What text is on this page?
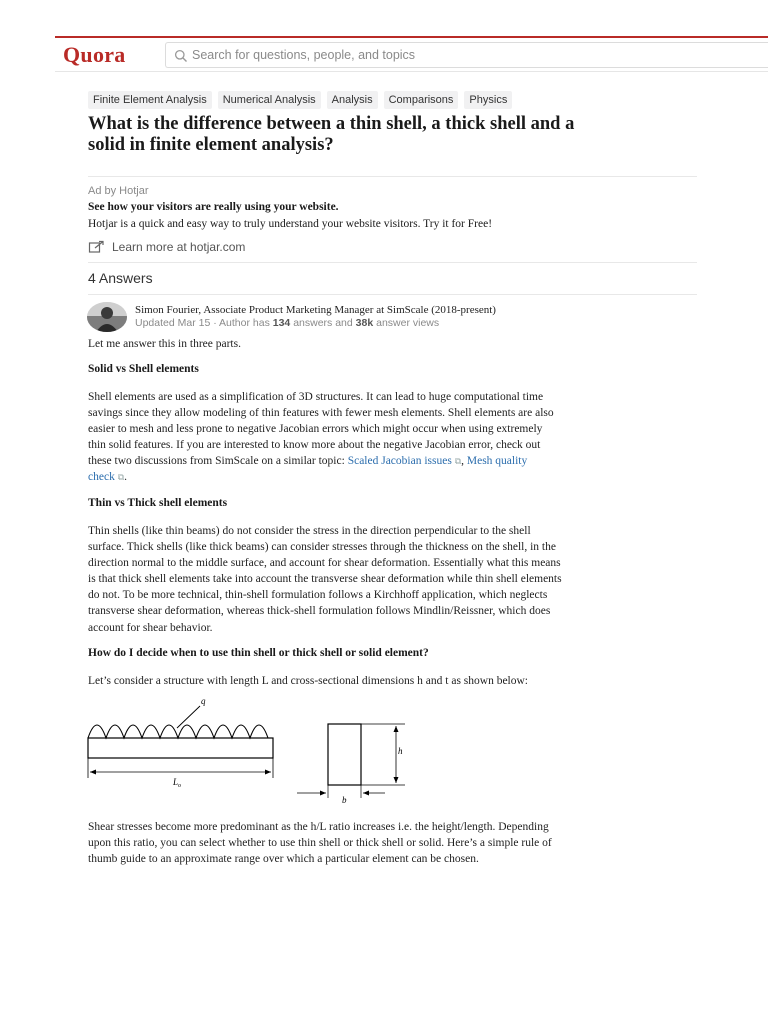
Quora
Search for questions, people, and topics
Finite Element Analysis	Numerical Analysis	Analysis	Comparisons	Physics
What is the difference between a thin shell, a thick shell and a
solid in finite element analysis?
Ad by Hotjar
See how your visitors are really using your website.
Hotjar is a quick and easy way to truly understand your website visitors. Try it for Free!
Learn more at hotjar.com
4 Answers
Simon Fourier, Associate Product Marketing Manager at SimScale (2018-present)
Updated Mar 15 · Author has 134 answers and 38k answer views
Let me answer this in three parts.
Solid vs Shell elements
Shell elements are used as a simplification of 3D structures. It can lead to huge computational time
savings since they allow modeling of thin features with fewer mesh elements. Shell elements are also
easier to mesh and less prone to negative Jacobian errors which might occur when using extremely
thin solid features. If you are interested to know more about the negative Jacobian error, check out
these two discussions from SimScale on a similar topic: Scaled Jacobian issues ⧉, Mesh quality
check ⧉.
Thin vs Thick shell elements
Thin shells (like thin beams) do not consider the stress in the direction perpendicular to the shell
surface. Thick shells (like thick beams) can consider stresses through the thickness on the shell, in the
direction normal to the middle surface, and account for shear deformation. Essentially what this means
is that thick shell elements take into account the transverse shear deformation while thin shell elements
do not. To be more technical, thin-shell formulation follows a Kirchhoff application, which neglects
transverse shear deformation, whereas thick-shell formulation follows Mindlin/Reissner, which does
account for shear behavior.
How do I decide when to use thin shell or thick shell or solid element?
Let’s consider a structure with length L and cross-sectional dimensions h and t as shown below:
q
$L_o$
h
b
Shear stresses become more predominant as the h/L ratio increases i.e. the height/length. Depending
upon this ratio, you can select whether to use thin shell or thick shell or solid. Here’s a simple rule of
thumb guide to an approximate range over which a particular element can be chosen.
